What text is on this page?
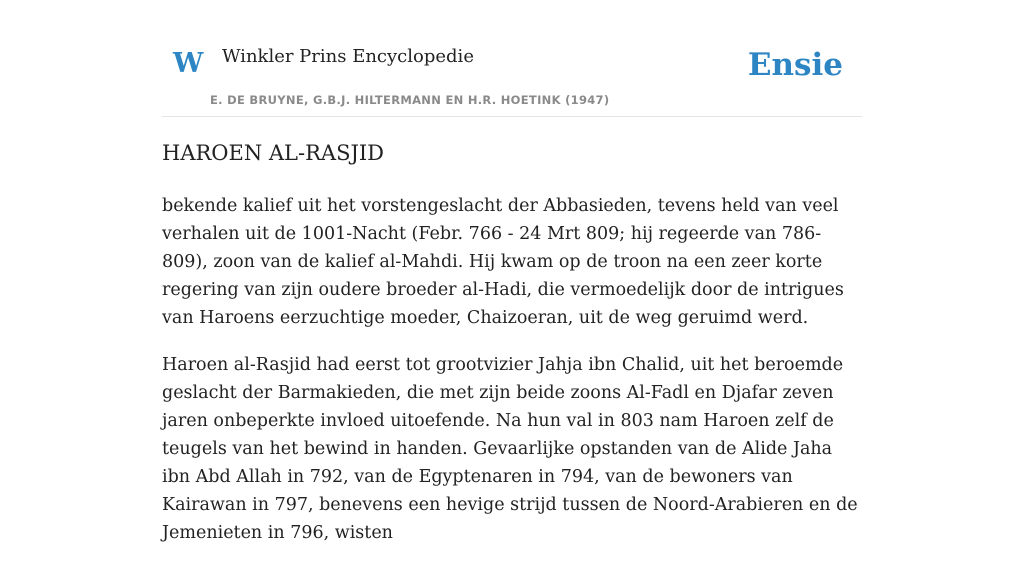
W Winkler Prins Encyclopedie
E. DE BRUYNE, G.B.J. HILTERMANN EN H.R. HOETINK (1947)
Ensie
HAROEN AL-RASJID

bekende kalief uit het vorstengeslacht der Abbasieden, tevens held van veel verhalen uit de 1001-Nacht (Febr. 766 - 24 Mrt 809; hij regeerde van 786-809), zoon van de kalief al-Mahdi. Hij kwam op de troon na een zeer korte regering van zijn oudere broeder al-Hadi, die vermoedelijk door de intrigues van Haroens eerzuchtige moeder, Chaizoeran, uit de weg geruimd werd.

Haroen al-Rasjid had eerst tot grootvizier Jahja ibn Chalid, uit het beroemde geslacht der Barmakieden, die met zijn beide zoons Al-Fadl en Djafar zeven jaren onbeperkte invloed uitoefende. Na hun val in 803 nam Haroen zelf de teugels van het bewind in handen. Gevaarlijke opstanden van de Alide Jaha ibn Abd Allah in 792, van de Egyptenaren in 794, van de bewoners van Kairawan in 797, benevens een hevige strijd tussen de Noord-Arabieren en de Jemenieten in 796, wisten
